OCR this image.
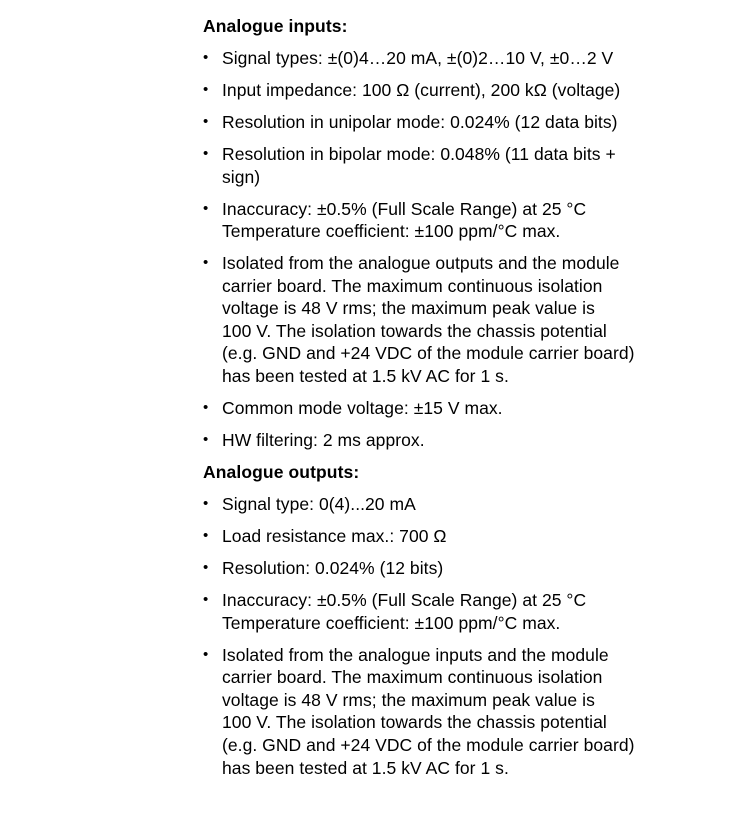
Analogue inputs:
• Signal types: ±(0)4…20 mA, ±(0)2…10 V, ±0…2 V
• Input impedance: 100 Ω (current), 200 kΩ (voltage)
• Resolution in unipolar mode: 0.024% (12 data bits)
• Resolution in bipolar mode: 0.048% (11 data bits +
sign)
• Inaccuracy: ±0.5% (Full Scale Range) at 25 °C
Temperature coefficient: ±100 ppm/°C max.
• Isolated from the analogue outputs and the module
carrier board. The maximum continuous isolation
voltage is 48 V rms; the maximum peak value is
100 V. The isolation towards the chassis potential
(e.g. GND and +24 VDC of the module carrier board)
has been tested at 1.5 kV AC for 1 s.
• Common mode voltage: ±15 V max.
• HW filtering: 2 ms approx.
Analogue outputs:
• Signal type: 0(4)...20 mA
• Load resistance max.: 700 Ω
• Resolution: 0.024% (12 bits)
• Inaccuracy: ±0.5% (Full Scale Range) at 25 °C
Temperature coefficient: ±100 ppm/°C max.
• Isolated from the analogue inputs and the module
carrier board. The maximum continuous isolation
voltage is 48 V rms; the maximum peak value is
100 V. The isolation towards the chassis potential
(e.g. GND and +24 VDC of the module carrier board)
has been tested at 1.5 kV AC for 1 s.
